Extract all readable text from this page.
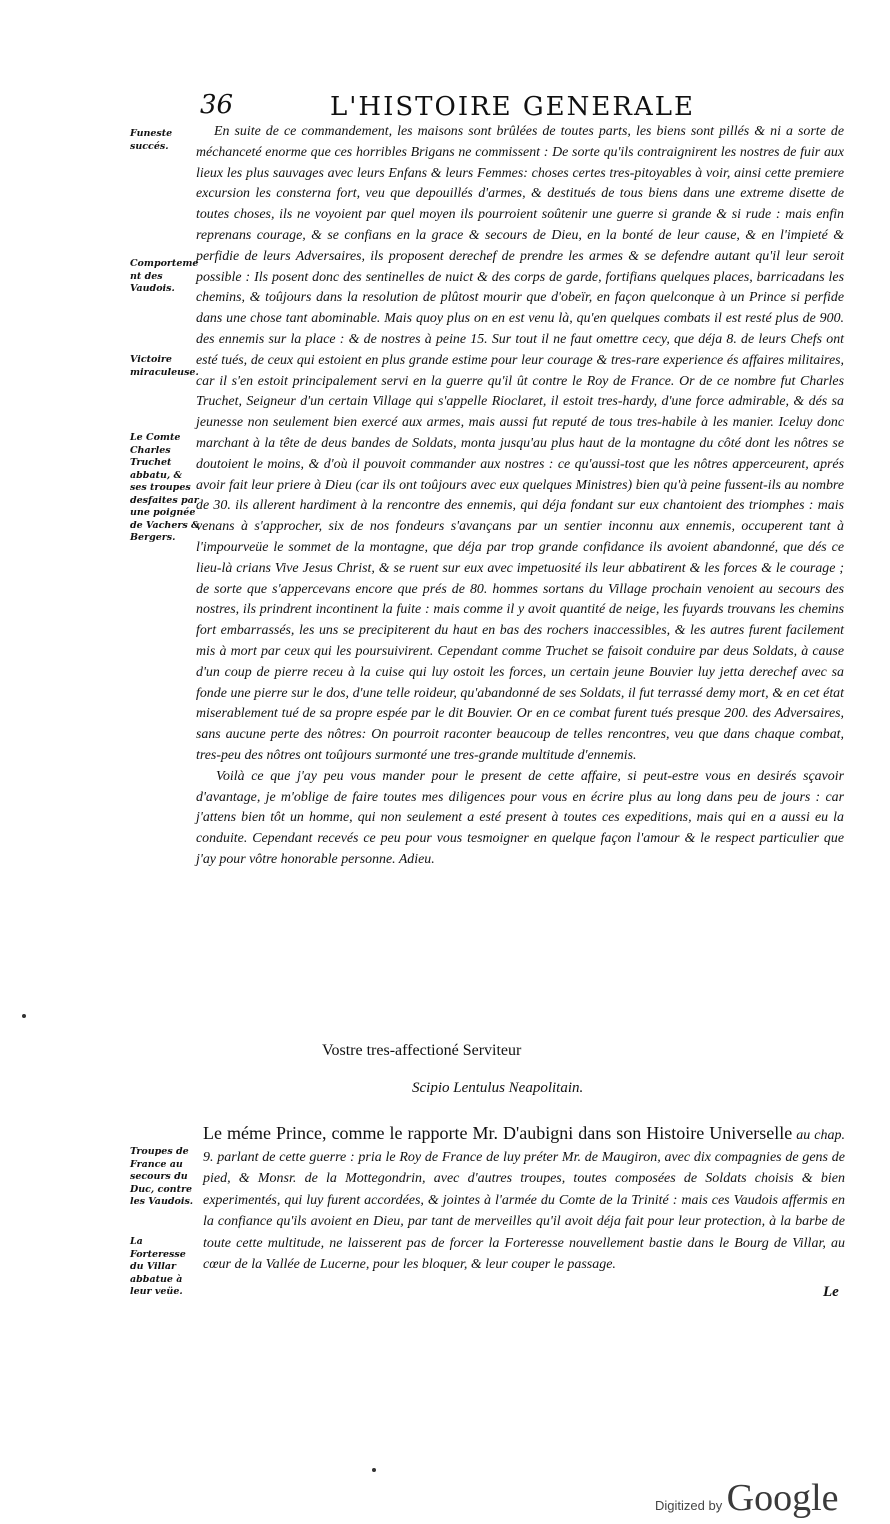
36	L'HISTOIRE GENERALE
Funeste succés.
Comportement des Vaudois.
Victoire miraculeuse.
Le Comte Charles Truchet abbatu, & ses troupes desfaites par une poignée de Vachers & Bergers.
Troupes de France au secours du Duc, contre les Vaudois.
La Forteresse du Villar abbatue à leur veüe.

En suite de ce commandement, les maisons sont brûlées de toutes parts, les biens sont pillés & ni a sorte de méchanceté enorme que ces horribles Brigans ne commissent : De sorte qu'ils contraignirent les nostres de fuir aux lieux les plus sauvages avec leurs Enfans & leurs Femmes: choses certes tres-pitoyables à voir, ainsi cette premiere excursion les consterna fort, veu que depouillés d'armes, & destitués de tous biens dans une extreme disette de toutes choses, ils ne voyoient par quel moyen ils pourroient soûtenir une guerre si grande & si rude : mais enfin reprenans courage, & se confians en la grace & secours de Dieu, en la bonté de leur cause, & en l'impieté & perfidie de leurs Adversaires, ils proposent derechef de prendre les armes & se defendre autant qu'il leur seroit possible : Ils posent donc des sentinelles de nuict & des corps de garde, fortifians quelques places, barricadans les chemins, & toûjours dans la resolution de plûtost mourir que d'obeïr, en façon quelconque à un Prince si perfide dans une chose tant abominable. Mais quoy plus on en est venu là, qu'en quelques combats il est resté plus de 900. des ennemis sur la place : & de nostres à peine 15. Sur tout il ne faut omettre cecy, que déja 8. de leurs Chefs ont esté tués, de ceux qui estoient en plus grande estime pour leur courage & tres-rare experience és affaires militaires, car il s'en estoit principalement servi en la guerre qu'il ût contre le Roy de France. Or de ce nombre fut Charles Truchet, Seigneur d'un certain Village qui s'appelle Rioclaret, il estoit tres-hardy, d'une force admirable, & dés sa jeunesse non seulement bien exercé aux armes, mais aussi fut reputé de tous tres-habile à les manier. Iceluy donc marchant à la tête de deus bandes de Soldats, monta jusqu'au plus haut de la montagne du côté dont les nôtres se doutoient le moins, & d'où il pouvoit commander aux nostres : ce qu'aussi-tost que les nôtres apperceurent, aprés avoir fait leur priere à Dieu (car ils ont toûjours avec eux quelques Ministres) bien qu'à peine fussent-ils au nombre de 30. ils allerent hardiment à la rencontre des ennemis, qui déja fondant sur eux chantoient des triomphes : mais venans à s'approcher, six de nos fondeurs s'avançans par un sentier inconnu aux ennemis, occuperent tant à l'impourveüe le sommet de la montagne, que déja par trop grande confidance ils avoient abandonné, que dés ce lieu-là crians Vive Jesus Christ, & se ruent sur eux avec impetuosité ils leur abbatirent & les forces & le courage ; de sorte que s'appercevans encore que prés de 80. hommes sortans du Village prochain venoient au secours des nostres, ils prindrent incontinent la fuite : mais comme il y avoit quantité de neige, les fuyards trouvans les chemins fort embarrassés, les uns se precipiterent du haut en bas des rochers inaccessibles, & les autres furent facilement mis à mort par ceux qui les poursuivirent. Cependant comme Truchet se faisoit conduire par deus Soldats, à cause d'un coup de pierre receu à la cuise qui luy ostoit les forces, un certain jeune Bouvier luy jetta derechef avec sa fonde une pierre sur le dos, d'une telle roideur, qu'abandonné de ses Soldats, il fut terrassé demy mort, & en cet état miserablement tué de sa propre espée par le dit Bouvier. Or en ce combat furent tués presque 200. des Adversaires, sans aucune perte des nôtres: On pourroit raconter beaucoup de telles rencontres, veu que dans chaque combat, tres-peu des nôtres ont toûjours surmonté une tres-grande multitude d'ennemis.

Voilà ce que j'ay peu vous mander pour le present de cette affaire, si peut-estre vous en desirés sçavoir d'avantage, je m'oblige de faire toutes mes diligences pour vous en écrire plus au long dans peu de jours : car j'attens bien tôt un homme, qui non seulement a esté present à toutes ces expeditions, mais qui en a aussi eu la conduite. Cependant recevés ce peu pour vous tesmoigner en quelque façon l'amour & le respect particulier que j'ay pour vôtre honorable personne. Adieu.

Vostre tres-affectioné Serviteur
Scipio Lentulus Neapolitain.
Le méme Prince, comme le rapporte Mr. D'aubigni dans son Histoire Universelle au chap. 9. parlant de cette guerre : pria le Roy de France de luy préter Mr. de Maugiron, avec dix compagnies de gens de pied, & Monsr. de la Mottegondrin, avec d'autres troupes, toutes composées de Soldats choisis & bien experimentés, qui luy furent accordées, & jointes à l'armée du Comte de la Trinité : mais ces Vaudois affermis en la confiance qu'ils avoient en Dieu, par tant de merveilles qu'il avoit déja fait pour leur protection, à la barbe de toute cette multitude, ne laisserent pas de forcer la Forteresse nouvellement bastie dans le Bourg de Villar, au cœur de la Vallée de Lucerne, pour les bloquer, & leur couper le passage.
Le
Digitized by Google
